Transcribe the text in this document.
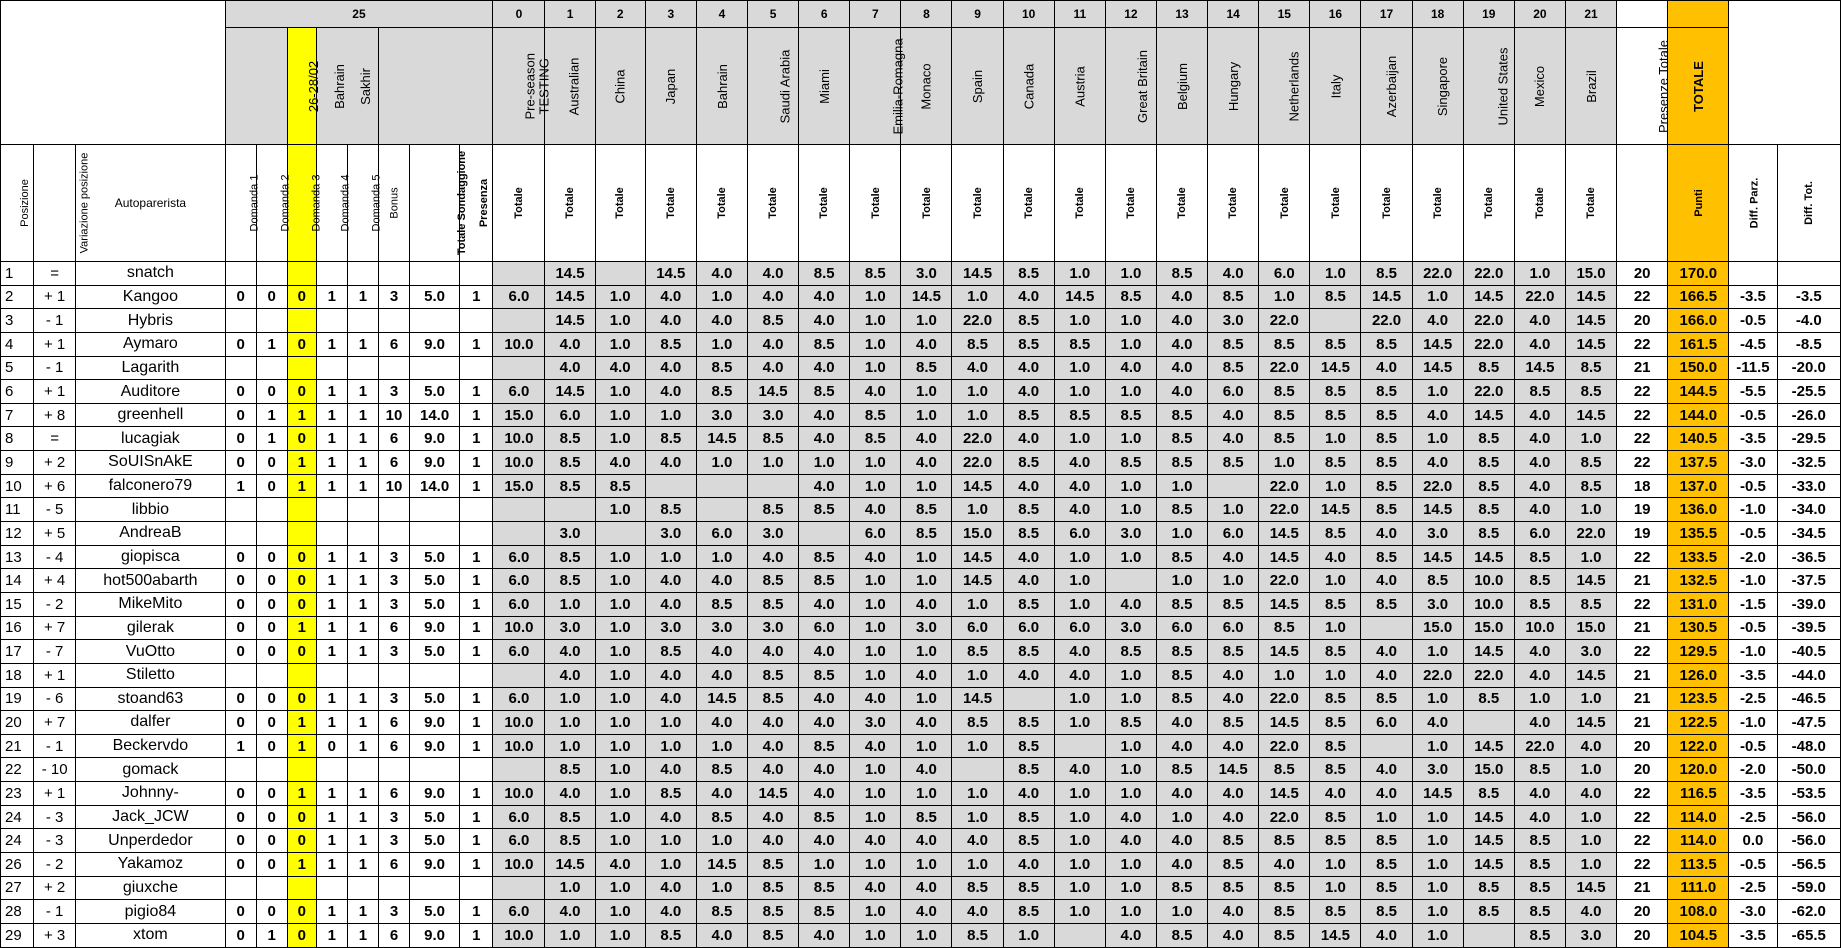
			25								0	1	2	3	4	5	6	7	8	9	10	11	12	13	14	15	16	17	18	19	20	21				
					26-28/02	Bahrain	Sakhir				Pre-season TESTING	Australian	China	Japan	Bahrain	Saudi Arabia	Miami	Emilia-Romagna	Monaco	Spain	Canada	Austria	Great Britain	Belgium	Hungary	Netherlands	Italy	Azerbaijan	Singapore	United States	Mexico	Brazil	Presenze Totale	TOTALE		
Posizione	Variazione posizione	Autoparerista	Domanda 1	Domanda 2	Domanda 3	Domanda 4	Domanda 5	Bonus	Totale Sondaggione	Presenza	Totale	Totale	Totale	Totale	Totale	Totale	Totale	Totale	Totale	Totale	Totale	Totale	Totale	Totale	Totale	Totale	Totale	Totale	Totale	Totale	Totale	Totale		Punti	Diff. Parz.	Diff. Tot.
1	=	snatch										14.5		14.5	4.0	4.0	8.5	8.5	3.0	14.5	8.5	1.0	1.0	8.5	4.0	6.0	1.0	8.5	22.0	22.0	1.0	15.0	20	170.0		
2	+ 1	Kangoo	0	0	0	1	1	3	5.0	1	6.0	14.5	1.0	4.0	1.0	4.0	4.0	1.0	14.5	1.0	4.0	14.5	8.5	4.0	8.5	1.0	8.5	14.5	1.0	14.5	22.0	14.5	22	166.5	-3.5	-3.5
3	- 1	Hybris										14.5	1.0	4.0	4.0	8.5	4.0	1.0	1.0	22.0	8.5	1.0	1.0	4.0	3.0	22.0		22.0	4.0	22.0	4.0	14.5	20	166.0	-0.5	-4.0
4	+ 1	Aymaro	0	1	0	1	1	6	9.0	1	10.0	4.0	1.0	8.5	1.0	4.0	8.5	1.0	4.0	8.5	8.5	8.5	1.0	4.0	8.5	8.5	8.5	8.5	14.5	22.0	4.0	14.5	22	161.5	-4.5	-8.5
5	- 1	Lagarith										4.0	4.0	4.0	8.5	4.0	4.0	1.0	8.5	4.0	4.0	1.0	4.0	4.0	8.5	22.0	14.5	4.0	14.5	8.5	14.5	8.5	21	150.0	-11.5	-20.0
6	+ 1	Auditore	0	0	0	1	1	3	5.0	1	6.0	14.5	1.0	4.0	8.5	14.5	8.5	4.0	1.0	1.0	4.0	1.0	1.0	4.0	6.0	8.5	8.5	8.5	1.0	22.0	8.5	8.5	22	144.5	-5.5	-25.5
7	+ 8	greenhell	0	1	1	1	1	10	14.0	1	15.0	6.0	1.0	1.0	3.0	3.0	4.0	8.5	1.0	1.0	8.5	8.5	8.5	8.5	4.0	8.5	8.5	8.5	4.0	14.5	4.0	14.5	22	144.0	-0.5	-26.0
8	=	lucagiak	0	1	0	1	1	6	9.0	1	10.0	8.5	1.0	8.5	14.5	8.5	4.0	8.5	4.0	22.0	4.0	1.0	1.0	8.5	4.0	8.5	1.0	8.5	1.0	8.5	4.0	1.0	22	140.5	-3.5	-29.5
9	+ 2	SoUISnAkE	0	0	1	1	1	6	9.0	1	10.0	8.5	4.0	4.0	1.0	1.0	1.0	1.0	4.0	22.0	8.5	4.0	8.5	8.5	8.5	1.0	8.5	8.5	4.0	8.5	4.0	8.5	22	137.5	-3.0	-32.5
10	+ 6	falconero79	1	0	1	1	1	10	14.0	1	15.0	8.5	8.5				4.0	1.0	1.0	14.5	4.0	4.0	1.0	1.0		22.0	1.0	8.5	22.0	8.5	4.0	8.5	18	137.0	-0.5	-33.0
11	- 5	libbio											1.0	8.5		8.5	8.5	4.0	8.5	1.0	8.5	4.0	1.0	8.5	1.0	22.0	14.5	8.5	14.5	8.5	4.0	1.0	19	136.0	-1.0	-34.0
12	+ 5	AndreaB										3.0		3.0	6.0	3.0		6.0	8.5	15.0	8.5	6.0	3.0	1.0	6.0	14.5	8.5	4.0	3.0	8.5	6.0	22.0	19	135.5	-0.5	-34.5
13	- 4	giopisca	0	0	0	1	1	3	5.0	1	6.0	8.5	1.0	1.0	1.0	4.0	8.5	4.0	1.0	14.5	4.0	1.0	1.0	8.5	4.0	14.5	4.0	8.5	14.5	14.5	8.5	1.0	22	133.5	-2.0	-36.5
14	+ 4	hot500abarth	0	0	0	1	1	3	5.0	1	6.0	8.5	1.0	4.0	4.0	8.5	8.5	1.0	1.0	14.5	4.0	1.0		1.0	1.0	22.0	1.0	4.0	8.5	10.0	8.5	14.5	21	132.5	-1.0	-37.5
15	- 2	MikeMito	0	0	0	1	1	3	5.0	1	6.0	1.0	1.0	4.0	8.5	8.5	4.0	1.0	4.0	1.0	8.5	1.0	4.0	8.5	8.5	14.5	8.5	8.5	3.0	10.0	8.5	8.5	22	131.0	-1.5	-39.0
16	+ 7	gilerak	0	0	1	1	1	6	9.0	1	10.0	3.0	1.0	3.0	3.0	3.0	6.0	1.0	3.0	6.0	6.0	6.0	3.0	6.0	6.0	8.5	1.0		15.0	15.0	10.0	15.0	21	130.5	-0.5	-39.5
17	- 7	VuOtto	0	0	0	1	1	3	5.0	1	6.0	4.0	1.0	8.5	4.0	4.0	4.0	1.0	1.0	8.5	8.5	4.0	8.5	8.5	8.5	14.5	8.5	4.0	1.0	14.5	4.0	3.0	22	129.5	-1.0	-40.5
18	+ 1	Stiletto										4.0	1.0	4.0	4.0	8.5	8.5	1.0	4.0	1.0	4.0	4.0	1.0	8.5	4.0	1.0	1.0	4.0	22.0	22.0	4.0	14.5	21	126.0	-3.5	-44.0
19	- 6	stoand63	0	0	0	1	1	3	5.0	1	6.0	1.0	1.0	4.0	14.5	8.5	4.0	4.0	1.0	14.5		1.0	1.0	8.5	4.0	22.0	8.5	8.5	1.0	8.5	1.0	1.0	21	123.5	-2.5	-46.5
20	+ 7	dalfer	0	0	1	1	1	6	9.0	1	10.0	1.0	1.0	1.0	4.0	4.0	4.0	3.0	4.0	8.5	8.5	1.0	8.5	4.0	8.5	14.5	8.5	6.0	4.0		4.0	14.5	21	122.5	-1.0	-47.5
21	- 1	Beckervdo	1	0	1	0	1	6	9.0	1	10.0	1.0	1.0	1.0	1.0	4.0	8.5	4.0	1.0	1.0	8.5		1.0	4.0	4.0	22.0	8.5		1.0	14.5	22.0	4.0	20	122.0	-0.5	-48.0
22	- 10	gomack										8.5	1.0	4.0	8.5	4.0	4.0	1.0	4.0		8.5	4.0	1.0	8.5	14.5	8.5	8.5	4.0	3.0	15.0	8.5	1.0	20	120.0	-2.0	-50.0
23	+ 1	Johnny-	0	0	1	1	1	6	9.0	1	10.0	4.0	1.0	8.5	4.0	14.5	4.0	1.0	1.0	1.0	4.0	1.0	1.0	4.0	4.0	14.5	4.0	4.0	14.5	8.5	4.0	4.0	22	116.5	-3.5	-53.5
24	- 3	Jack_JCW	0	0	0	1	1	3	5.0	1	6.0	8.5	1.0	4.0	8.5	4.0	8.5	1.0	8.5	1.0	8.5	1.0	4.0	1.0	4.0	22.0	8.5	1.0	1.0	14.5	4.0	1.0	22	114.0	-2.5	-56.0
24	- 3	Unperdedor	0	0	0	1	1	3	5.0	1	6.0	8.5	1.0	1.0	1.0	4.0	4.0	4.0	4.0	4.0	8.5	1.0	4.0	4.0	8.5	8.5	8.5	8.5	1.0	14.5	8.5	1.0	22	114.0	0.0	-56.0
26	- 2	Yakamoz	0	0	1	1	1	6	9.0	1	10.0	14.5	4.0	1.0	14.5	8.5	1.0	1.0	1.0	1.0	4.0	1.0	1.0	4.0	8.5	4.0	1.0	8.5	1.0	14.5	8.5	1.0	22	113.5	-0.5	-56.5
27	+ 2	giuxche										1.0	1.0	4.0	1.0	8.5	8.5	4.0	4.0	8.5	8.5	1.0	1.0	8.5	8.5	8.5	1.0	8.5	1.0	8.5	8.5	14.5	21	111.0	-2.5	-59.0
28	- 1	pigio84	0	0	0	1	1	3	5.0	1	6.0	4.0	1.0	4.0	8.5	8.5	8.5	1.0	4.0	4.0	8.5	1.0	1.0	1.0	4.0	8.5	8.5	8.5	1.0	8.5	8.5	4.0	20	108.0	-3.0	-62.0
29	+ 3	xtom	0	1	0	1	1	6	9.0	1	10.0	1.0	1.0	8.5	4.0	8.5	4.0	1.0	1.0	8.5	1.0		4.0	8.5	4.0	8.5	14.5	4.0	1.0		8.5	3.0	20	104.5	-3.5	-65.5
